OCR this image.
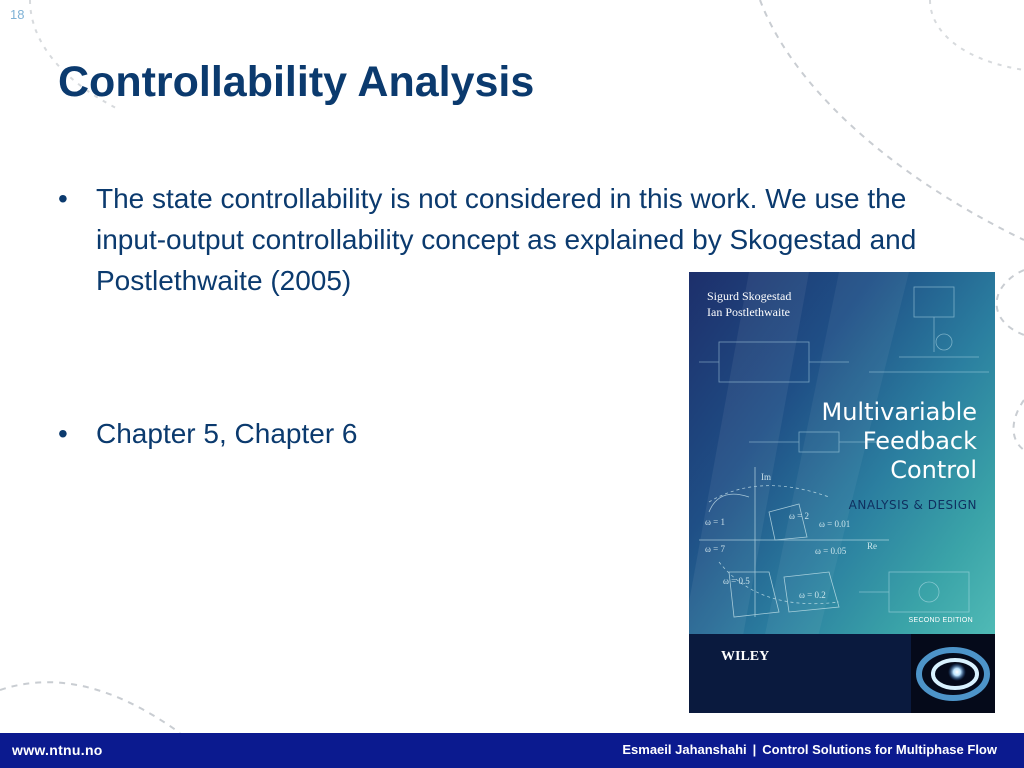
18
Controllability Analysis
• The state controllability is not considered in this work. We use the input-output controllability concept as explained by Skogestad and Postlethwaite (2005)
• Chapter 5, Chapter 6
Im
Re
ω = 2
ω = 1	ω = 0.01
ω = 7	ω = 0.05
ω = 0.5
ω = 0.2
Sigurd Skogestad
Ian Postlethwaite
Multivariable
Feedback
Control
ANALYSIS & DESIGN
SECOND EDITION
WILEY
www.ntnu.no	Esmaeil Jahanshahi | Control Solutions for Multiphase Flow
